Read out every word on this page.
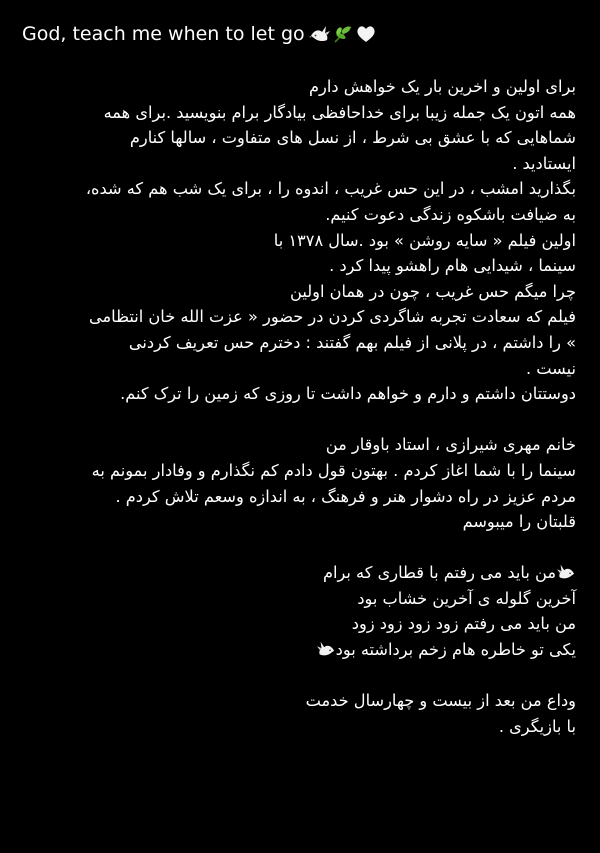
God, teach me when to let go
برای اولین و اخرین بار یک خواهش دارم
همه اتون یک جمله زیبا برای خداحافظی بیادگار برام بنویسید .برای همه
شماهایی که با عشق بی شرط ، از نسل های متفاوت ، سالها کنارم
ایستادید .
بگذارید امشب ، در این حس غریب ، اندوه را ، برای یک شب هم که شده،
به ضیافت باشکوه زندگی دعوت کنیم.
اولین فیلم « سایه روشن » بود .سال ۱۳۷۸ با
سینما ، شیدایی هام راهشو پیدا کرد .
چرا میگم حس غریب ، چون در همان اولین
فیلم که سعادت تجربه شاگردی کردن در حضور « عزت الله خان انتظامی
» را داشتم ، در پلانی از فیلم بهم گفتند : دخترم حس تعریف کردنی
نیست .
دوستتان داشتم و دارم و خواهم داشت تا روزی که زمین را ترک کنم.
خانم مهری شیرازی ، استاد باوقار من
سینما را با شما اغاز کردم . بهتون قول دادم کم نگذارم و وفادار بمونم به
مردم عزیز در راه دشوار هنر و فرهنگ ، به اندازه وسعم تلاش کردم .
قلبتان را میبوسم
من باید می رفتم با قطاری که برام
آخرین گلوله ی آخرین خشاب بود
من باید می رفتم زود زود زود زود
یکی تو خاطره هام زخم برداشته بود
وداع من بعد از بیست و چهارسال خدمت
با بازیگری .
